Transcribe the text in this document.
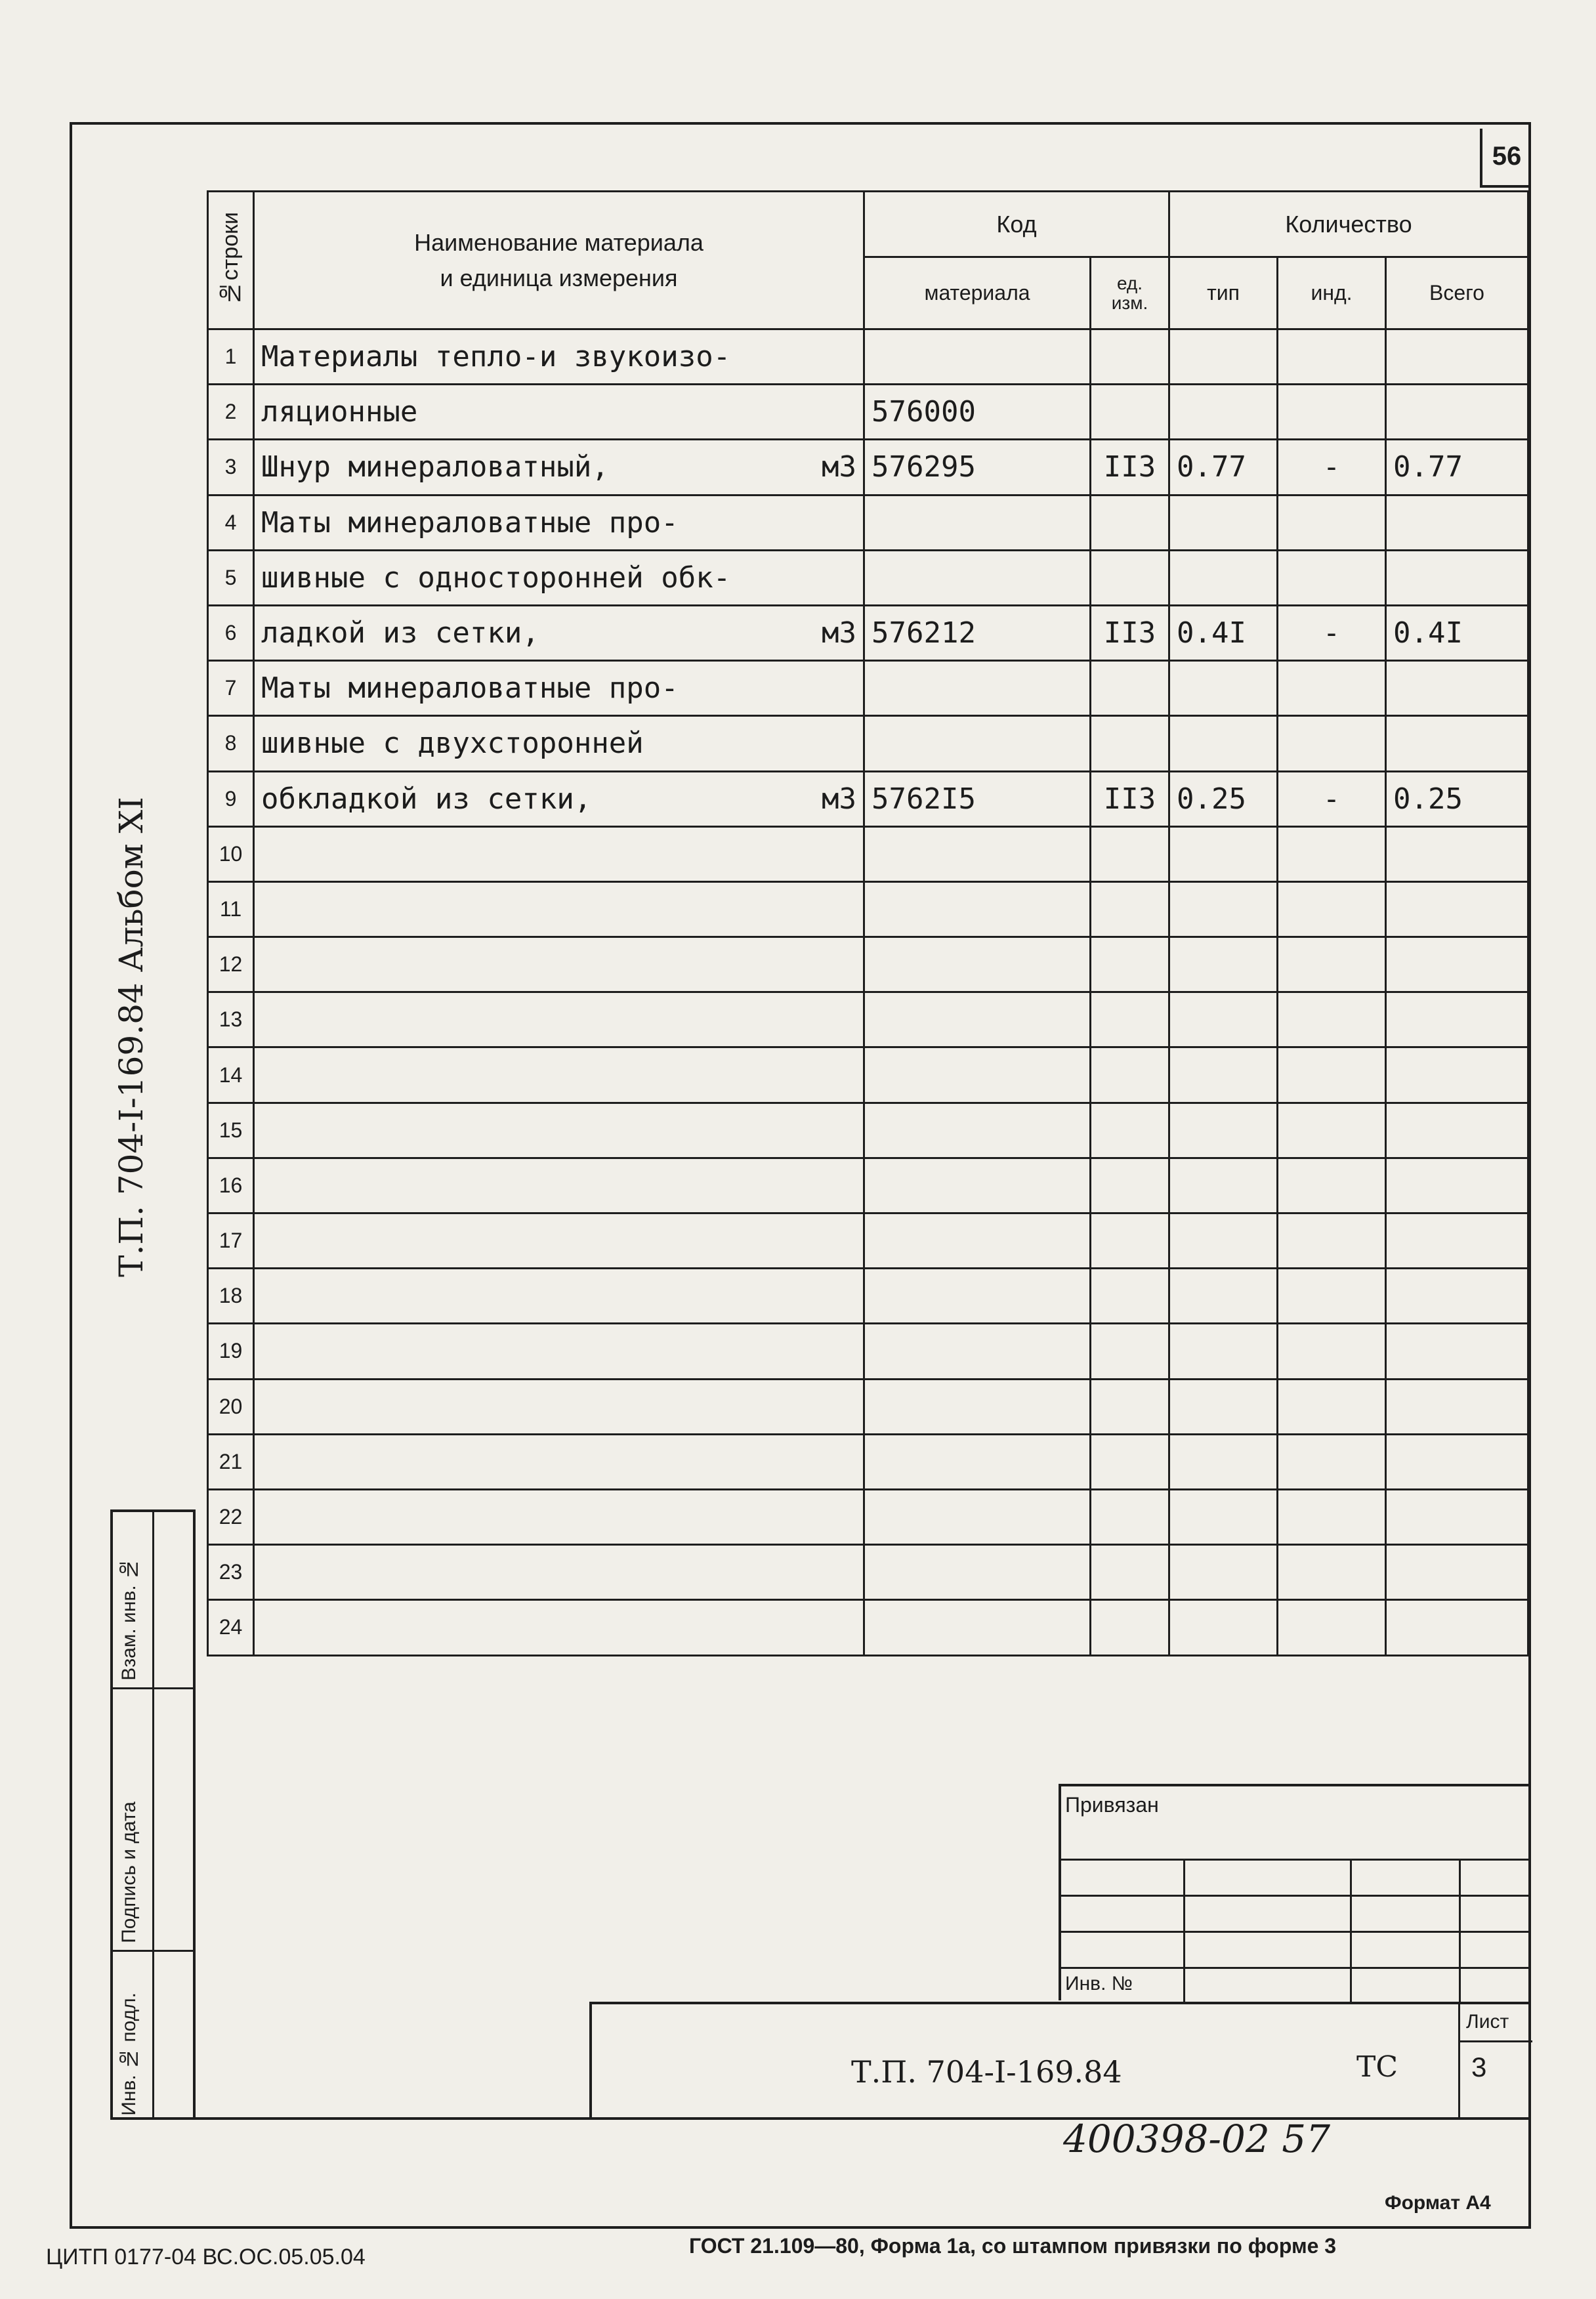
56
Т.П. 704-I-169.84 Альбом XI
№строки	Наименование материала
и единица измерения	Код		Количество		
		материала	ед. изм.	тип	инд.	Всего
1	Материалы тепло-и звукоизо-					

2	ляционные	576000				
3	Шнур минераловатный, м3	576295	II3	0.77	-	0.77
4	Маты минераловатные про-					

5	шивные с односторонней обк-					

6	ладкой из сетки, м3	576212	II3	0.4I	-	0.4I
7	Маты минераловатные про-					

8	шивные с двухсторонней					

9	обкладкой из сетки, м3	5762I5	II3	0.25	-	0.25
10	

11	

12	

13	

14	

15	

16	

17	

18	

19	

20	

21	

22	

23	

24	

Взам. инв. №
Подпись и дата
Инв. № подл.
Привязан
Инв. №
Т.П. 704-I-169.84	ТС
Лист
3
400398-02 57
Формат А4
ЦИТП 0177-04 ВС.ОС.05.05.04	ГОСТ 21.109—80, Форма 1а, со штампом привязки по форме 3
